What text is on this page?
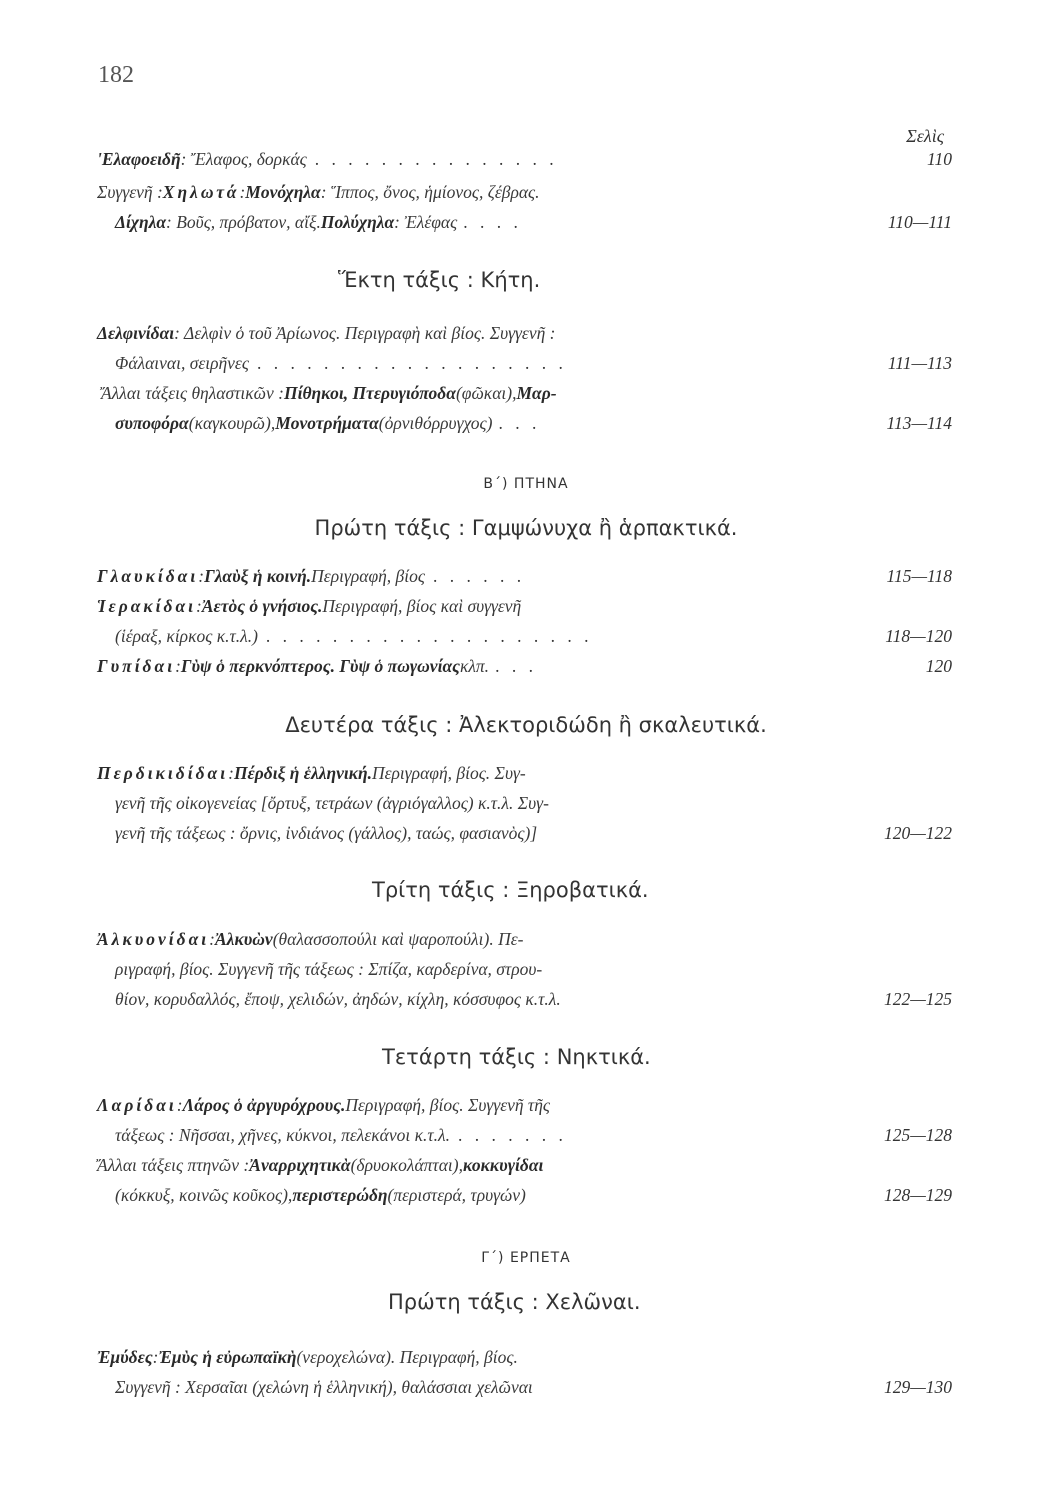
182
Σελὶς
'Ελαφοειδῆ : Ἔλαφος, δορκάς . . . . . . . . . . . . . . .	110
Συγγενῆ : Χηλωτά : Μονόχηλα : Ἵππος, ὄνος, ἡμίονος, ζέβρας.
Δίχηλα : Βοῦς, πρόβατον, αἴξ. Πολύχηλα : Ἐλέφας . . . .	110—111
Ἕκτη τάξις : Κήτη.
Δελφινίδαι : Δελφὶν ὁ τοῦ Ἀρίωνος. Περιγραφὴ καὶ βίος. Συγγενῆ :
Φάλαιναι, σειρῆνες . . . . . . . . . . . . . . . . . . .	111—113
Ἄλλαι τάξεις θηλαστικῶν : Πίθηκοι, Πτερυγιόποδα (φῶκαι), Μαρ-
συποφόρα (καγκουρῶ), Μονοτρήματα (ὀρνιθόρρυγχος) . . .	113—114
Β΄) ΠΤΗΝΑ
Πρώτη τάξις : Γαμψώνυχα ἢ ἁρπακτικά.
Γλαυκίδαι : Γλαὺξ ἡ κοινή. Περιγραφή, βίος . . . . . .	115—118
Ἱερακίδαι : Ἀετὸς ὁ γνήσιος. Περιγραφή, βίος καὶ συγγενῆ
(ἱέραξ, κίρκος κ.τ.λ.) . . . . . . . . . . . . . . . . . . . .	118—120
Γυπίδαι : Γὺψ ὁ περκνόπτερος. Γὺψ ὁ πωγωνίας κλπ. . . .	120
Δευτέρα τάξις : Ἀλεκτοριδώδη ἢ σκαλευτικά.
Περδικιδίδαι : Πέρδιξ ἡ ἑλληνική. Περιγραφή, βίος. Συγ-
γενῆ τῆς οἰκογενείας [ὄρτυξ, τετράων (ἀγριόγαλλος) κ.τ.λ. Συγ-
γενῆ τῆς τάξεως : ὄρνις, ἰνδιάνος (γάλλος), ταώς, φασιανὸς)]	120—122
Τρίτη τάξις : Ξηροβατικά.
Ἀλκυονίδαι : Ἀλκυὼν (θαλασσοπούλι καὶ ψαροπούλι). Πε-
ριγραφή, βίος. Συγγενῆ τῆς τάξεως : Σπίζα, καρδερίνα, στρου-
θίον, κορυδαλλός, ἔποψ, χελιδών, ἀηδών, κίχλη, κόσσυφος κ.τ.λ.	122—125
Τετάρτη τάξις : Νηκτικά.
Λαρίδαι : Λάρος ὁ ἀργυρόχρους. Περιγραφή, βίος. Συγγενῆ τῆς
τάξεως : Νῆσσαι, χῆνες, κύκνοι, πελεκάνοι κ.τ.λ. . . . . . . .	125—128
Ἄλλαι τάξεις πτηνῶν : Ἀναρριχητικὰ (δρυοκολάπται), κοκκυγίδαι
(κόκκυξ, κοινῶς κοῦκος), περιστερώδη (περιστερά, τρυγών)	128—129
Γ΄) ΕΡΠΕΤΑ
Πρώτη τάξις : Χελῶναι.
Ἐμύδες : Ἐμὺς ἡ εὐρωπαϊκὴ (νεροχελώνα). Περιγραφή, βίος.
Συγγενῆ : Χερσαῖαι (χελώνη ἡ ἑλληνική), θαλάσσιαι χελῶναι	129—130
